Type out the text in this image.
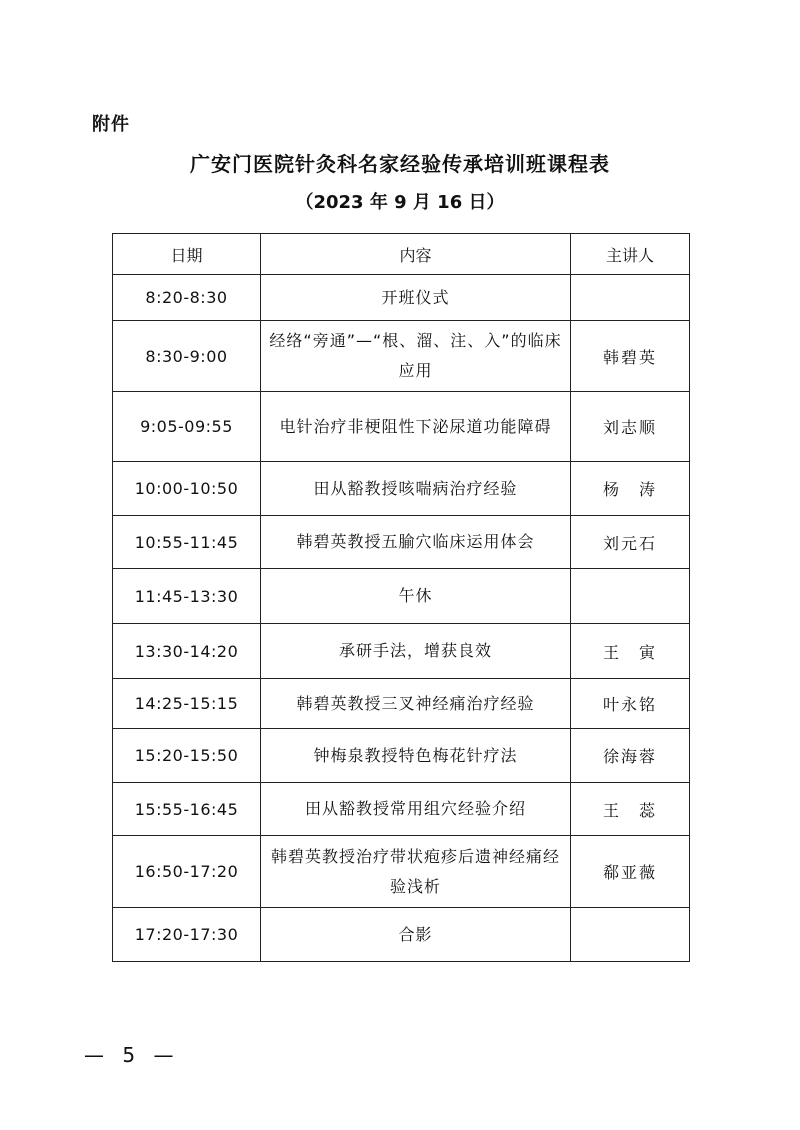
附件
广安门医院针灸科名家经验传承培训班课程表
（2023 年 9 月 16 日）
日期	内容	主讲人
8:20-8:30	开班仪式	
8:30-9:00	经络“旁通”—“根、溜、注、入”的临床应用	韩碧英
9:05-09:55	电针治疗非梗阻性下泌尿道功能障碍	刘志顺
10:00-10:50	田从豁教授咳喘病治疗经验	杨　涛
10:55-11:45	韩碧英教授五腧穴临床运用体会	刘元石
11:45-13:30	午休	
13:30-14:20	承研手法，增获良效	王　寅
14:25-15:15	韩碧英教授三叉神经痛治疗经验	叶永铭
15:20-15:50	钟梅泉教授特色梅花针疗法	徐海蓉
15:55-16:45	田从豁教授常用组穴经验介绍	王　蕊
16:50-17:20	韩碧英教授治疗带状疱疹后遗神经痛经验浅析	郗亚薇
17:20-17:30	合影	
— 5 —
